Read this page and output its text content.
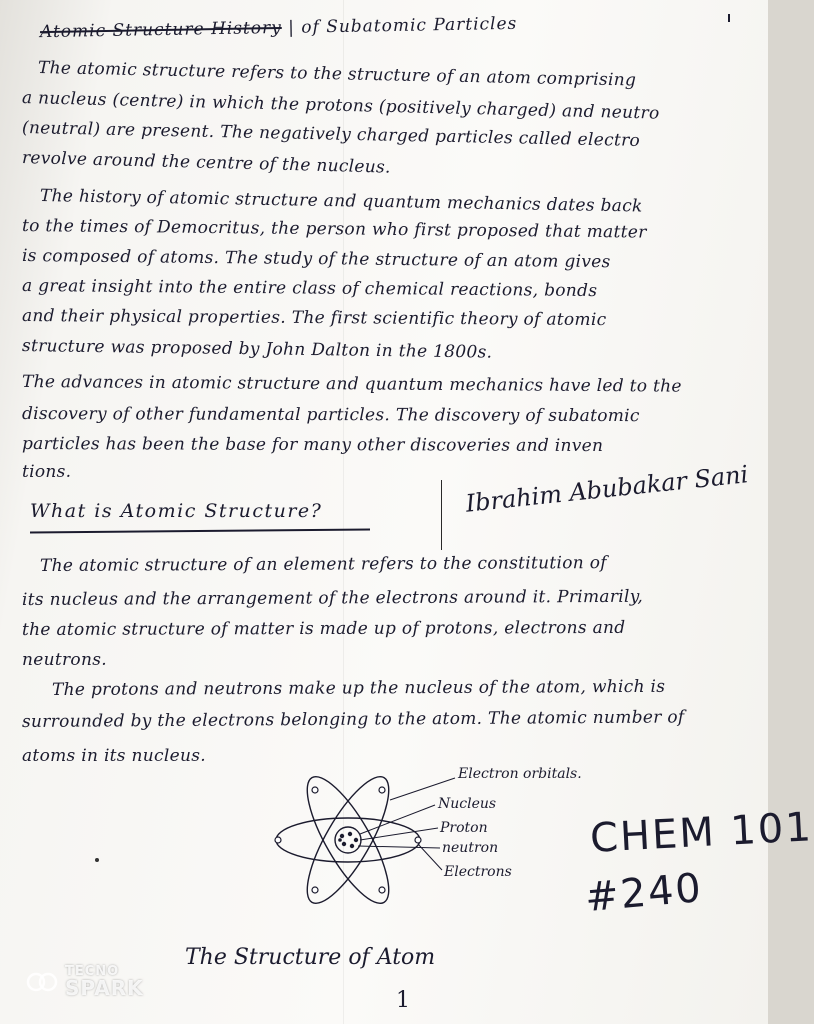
Atomic Structure History | of Subatomic Particles
The atomic structure refers to the structure of an atom comprising
a nucleus (centre) in which the protons (positively charged) and neutro
(neutral) are present. The negatively charged particles called electro
revolve around the centre of the nucleus.
The history of atomic structure and quantum mechanics dates back
to the times of Democritus, the person who first proposed that matter
is composed of atoms. The study of the structure of an atom gives
a great insight into the entire class of chemical reactions, bonds
and their physical properties. The first scientific theory of atomic
structure was proposed by John Dalton in the 1800s.
The advances in atomic structure and quantum mechanics have led to the
discovery of other fundamental particles. The discovery of subatomic
particles has been the base for many other discoveries and inven
tions.
What is Atomic Structure?	Ibrahim Abubakar Sani
The atomic structure of an element refers to the constitution of
its nucleus and the arrangement of the electrons around it. Primarily,
the atomic structure of matter is made up of protons, electrons and
neutrons.
The protons and neutrons make up the nucleus of the atom, which is
surrounded by the electrons belonging to the atom. The atomic number of
atoms in its nucleus.
Electron orbitals.
Nucleus
Proton
neutron
Electrons
CHEM 101
#240
The Structure of Atom
1
TECNO
SPARK
